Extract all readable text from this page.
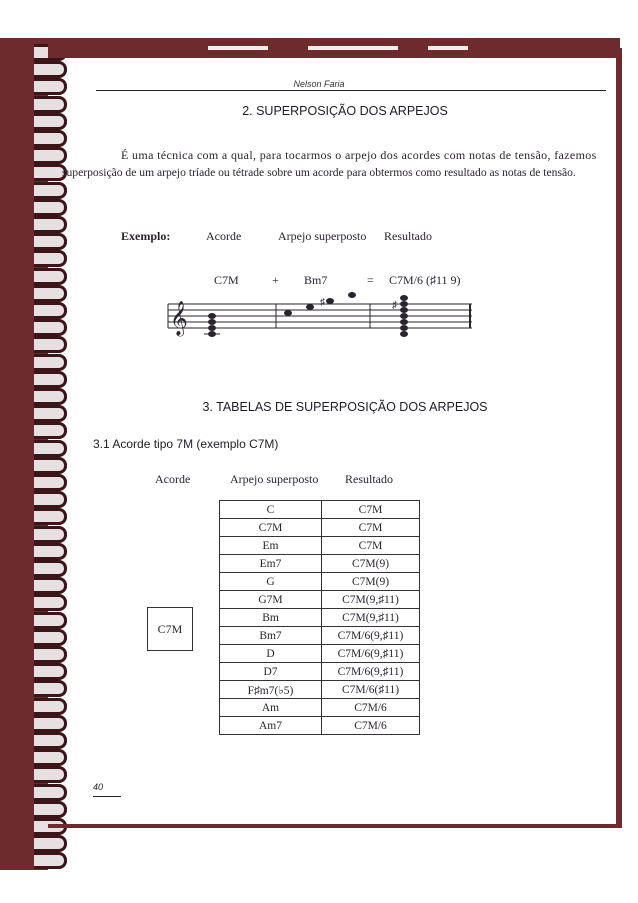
Nelson Faria
2. SUPERPOSIÇÃO DOS ARPEJOS
É uma técnica com a qual, para tocarmos o arpejo dos acordes com notas de tensão, fazemos
superposição de um arpejo tríade ou tétrade sobre um acorde para obtermos como resultado as notas de tensão.
Exemplo:	Acorde	Arpejo superposto Resultado
C7M	+ Bm7	= C7M/6 (♯11 9)
𝄞	♯	♯
3. TABELAS DE SUPERPOSIÇÃO DOS ARPEJOS
3.1 Acorde tipo 7M (exemplo C7M)
Acorde	Arpejo superposto Resultado
C7M
C	C7M
C7M	C7M
Em	C7M
Em7	C7M(9)
G	C7M(9)
G7M	C7M(9,♯11)
Bm	C7M(9,♯11)
Bm7	C7M/6(9,♯11)
D	C7M/6(9,♯11)
D7	C7M/6(9,♯11)
F♯m7(♭5)	C7M/6(♯11)
Am	C7M/6
Am7	C7M/6
40
